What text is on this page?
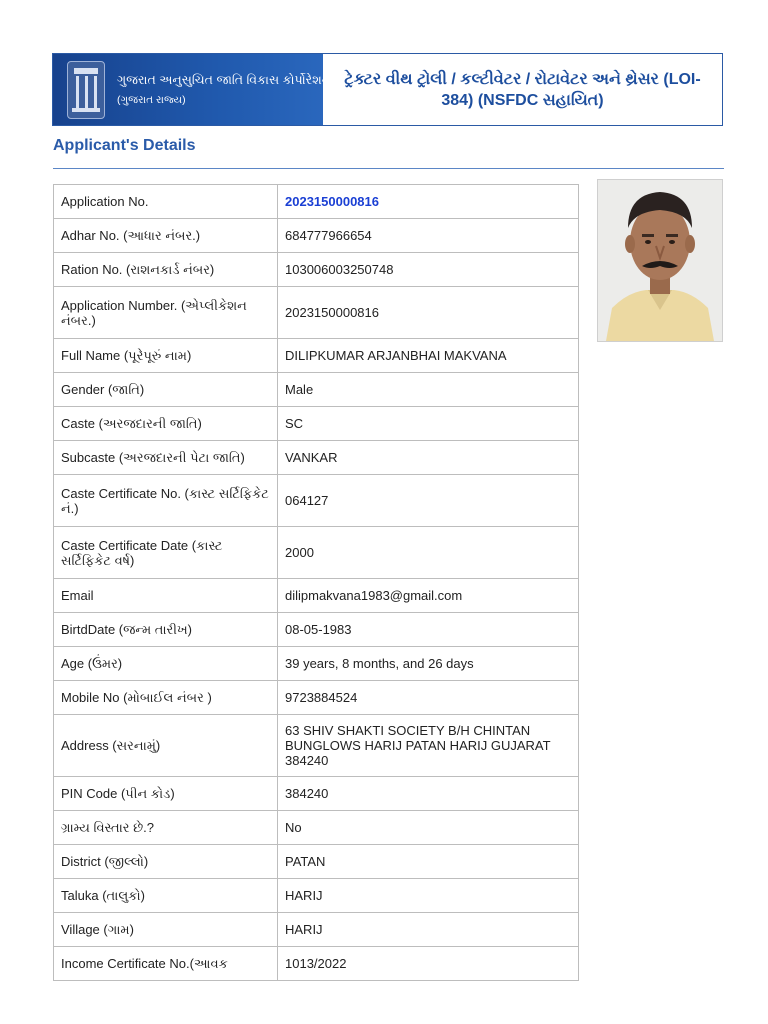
ગુજરાત અનુસુચિત જાતિ વિકાસ કોર્પોરેશન
(ગુજરાત રાજ્ય)
ટ્રેક્ટર વીથ ટ્રોલી / કલ્ટીવેટર / રોટાવેટર અને થ્રેસર (LOI-384) (NSFDC સહાયિત)
Applicant's Details
Application No.	2023150000816
Adhar No. (આધાર નંબર.)	684777966654
Ration No. (રાશનકાર્ડ નંબર)	103006003250748
Application Number. (એપ્લીકેશન નંબર.)	2023150000816
Full Name (પૂરેપૂરું નામ)	DILIPKUMAR ARJANBHAI MAKVANA
Gender (જાતિ)	Male
Caste (અરજદારની જાતિ)	SC
Subcaste (અરજદારની પેટા જાતિ)	VANKAR
Caste Certificate No. (કાસ્ટ સર્ટિફિકેટ નં.)	064127
Caste Certificate Date (કાસ્ટ સર્ટિફિકેટ વર્ષ)	2000
Email	dilipmakvana1983@gmail.com
BirtdDate (જન્મ તારીખ)	08-05-1983
Age (ઉંમર)	39 years, 8 months, and 26 days
Mobile No (મોબાઈલ નંબર )	9723884524
Address (સરનામું)	63 SHIV SHAKTI SOCIETY B/H CHINTAN BUNGLOWS HARIJ PATAN HARIJ GUJARAT 384240
PIN Code (પીન કોડ)	384240
ગ્રામ્ય વિસ્તાર છે.?	No
District (જીલ્લો)	PATAN
Taluka (તાલુકો)	HARIJ
Village (ગામ)	HARIJ
Income Certificate No.(આવક	1013/2022
